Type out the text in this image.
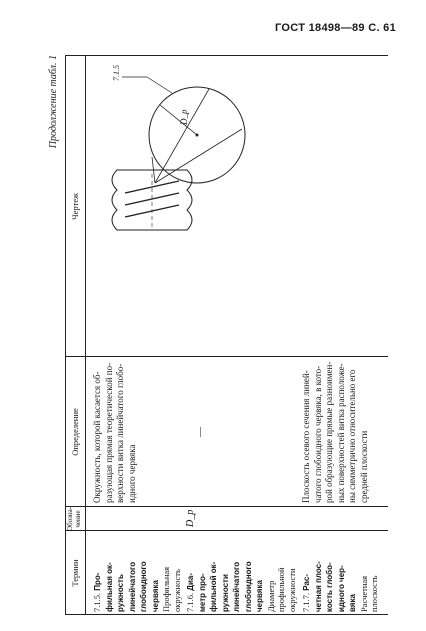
ГОСТ 18498—89 С. 61
Продолжение табл. 1
Термин
Обозна- чение
Определение
Чертеж
7.1.5. Про- фильная ок- ружность линейчатого глобоидного червяка Профильная окружность
Окружность, которой касается об- разующая прямая теоретической по- верхности витка линейчатого глобо- идного червяка
7.1.6. Диа- метр про- фильной ок- ружности линейчатого глобоидного червяка Диаметр профильной окружности
D_p
—
7.1.7. Рас- четная плос- кость глобо- идного чер- вяка Расчетная плоскость
Плоскость осевого сечения линей- чатого глобоидного червяка, в кото- рой образующие прямые разноимен- ных поверхностей витка расположе- ны симметрично относительно его средней плоскости
7.1.5
D_p
